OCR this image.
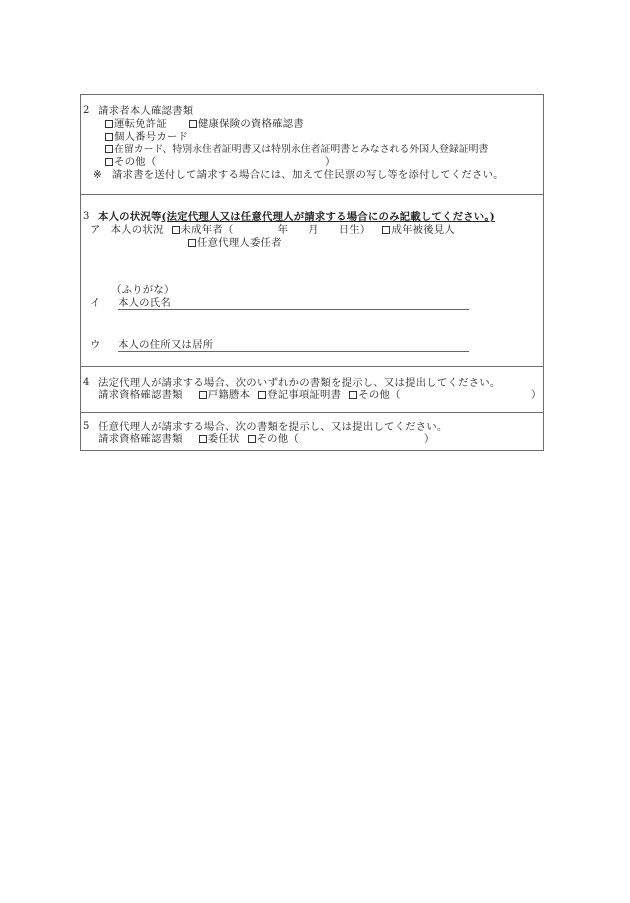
2 請求者本人確認書類
運転免許証	健康保険の資格確認書
個人番号カード
在留カード、特別永住者証明書又は特別永住者証明書とみなされる外国人登録証明書
その他（	）
※ 請求書を送付して請求する場合には、加えて住民票の写し等を添付してください。
3 本人の状況等(法定代理人又は任意代理人が請求する場合にのみ記載してください。)
ア 本人の状況 未成年者（	年 月 日生） 成年被後見人
任意代理人委任者
（ふりがな）
イ 本人の氏名
ウ 本人の住所又は居所
4 法定代理人が請求する場合、次のいずれかの書類を提示し、又は提出してください。
請求資格確認書類 戸籍謄本 登記事項証明書 その他（	）
5 任意代理人が請求する場合、次の書類を提示し、又は提出してください。
請求資格確認書類 委任状 その他（	）
